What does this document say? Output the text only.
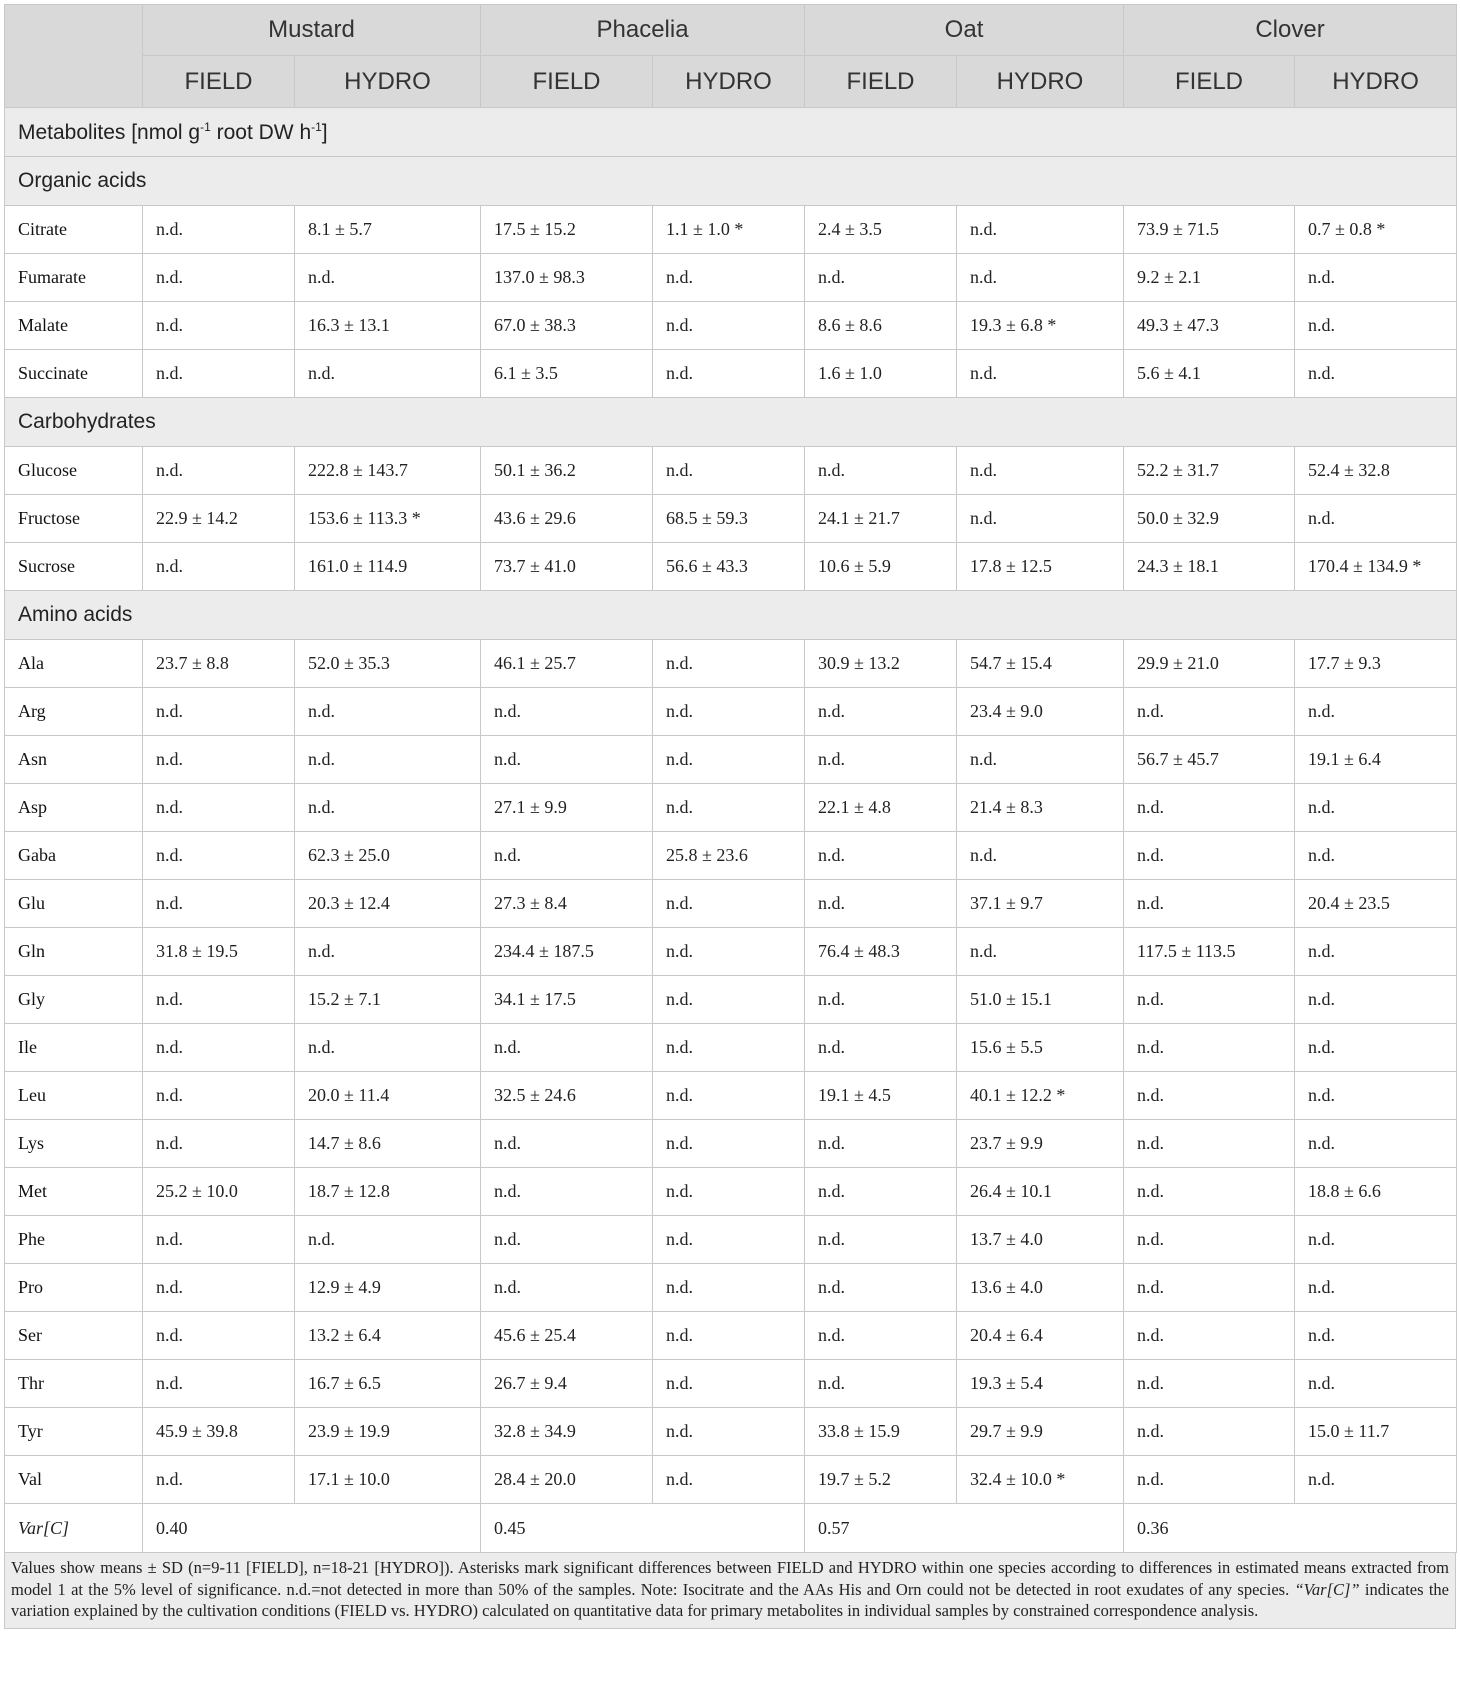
	Mustard		Phacelia		Oat		Clover	
	FIELD	HYDRO	FIELD	HYDRO	FIELD	HYDRO	FIELD	HYDRO
Metabolites [nmol $g^{-1}$ root DW $h^{-1}$]								
Organic acids								
Citrate	n.d.	8.1 ± 5.7	17.5 ± 15.2	1.1 ± 1.0 *	2.4 ± 3.5	n.d.	73.9 ± 71.5	0.7 ± 0.8 *
Fumarate	n.d.	n.d.	137.0 ± 98.3	n.d.	n.d.	n.d.	9.2 ± 2.1	n.d.
Malate	n.d.	16.3 ± 13.1	67.0 ± 38.3	n.d.	8.6 ± 8.6	19.3 ± 6.8 *	49.3 ± 47.3	n.d.
Succinate	n.d.	n.d.	6.1 ± 3.5	n.d.	1.6 ± 1.0	n.d.	5.6 ± 4.1	n.d.
Carbohydrates								
Glucose	n.d.	222.8 ± 143.7	50.1 ± 36.2	n.d.	n.d.	n.d.	52.2 ± 31.7	52.4 ± 32.8
Fructose	22.9 ± 14.2	153.6 ± 113.3 *	43.6 ± 29.6	68.5 ± 59.3	24.1 ± 21.7	n.d.	50.0 ± 32.9	n.d.
Sucrose	n.d.	161.0 ± 114.9	73.7 ± 41.0	56.6 ± 43.3	10.6 ± 5.9	17.8 ± 12.5	24.3 ± 18.1	170.4 ± 134.9 *
Amino acids								
Ala	23.7 ± 8.8	52.0 ± 35.3	46.1 ± 25.7	n.d.	30.9 ± 13.2	54.7 ± 15.4	29.9 ± 21.0	17.7 ± 9.3
Arg	n.d.	n.d.	n.d.	n.d.	n.d.	23.4 ± 9.0	n.d.	n.d.
Asn	n.d.	n.d.	n.d.	n.d.	n.d.	n.d.	56.7 ± 45.7	19.1 ± 6.4
Asp	n.d.	n.d.	27.1 ± 9.9	n.d.	22.1 ± 4.8	21.4 ± 8.3	n.d.	n.d.
Gaba	n.d.	62.3 ± 25.0	n.d.	25.8 ± 23.6	n.d.	n.d.	n.d.	n.d.
Glu	n.d.	20.3 ± 12.4	27.3 ± 8.4	n.d.	n.d.	37.1 ± 9.7	n.d.	20.4 ± 23.5
Gln	31.8 ± 19.5	n.d.	234.4 ± 187.5	n.d.	76.4 ± 48.3	n.d.	117.5 ± 113.5	n.d.
Gly	n.d.	15.2 ± 7.1	34.1 ± 17.5	n.d.	n.d.	51.0 ± 15.1	n.d.	n.d.
Ile	n.d.	n.d.	n.d.	n.d.	n.d.	15.6 ± 5.5	n.d.	n.d.
Leu	n.d.	20.0 ± 11.4	32.5 ± 24.6	n.d.	19.1 ± 4.5	40.1 ± 12.2 *	n.d.	n.d.
Lys	n.d.	14.7 ± 8.6	n.d.	n.d.	n.d.	23.7 ± 9.9	n.d.	n.d.
Met	25.2 ± 10.0	18.7 ± 12.8	n.d.	n.d.	n.d.	26.4 ± 10.1	n.d.	18.8 ± 6.6
Phe	n.d.	n.d.	n.d.	n.d.	n.d.	13.7 ± 4.0	n.d.	n.d.
Pro	n.d.	12.9 ± 4.9	n.d.	n.d.	n.d.	13.6 ± 4.0	n.d.	n.d.
Ser	n.d.	13.2 ± 6.4	45.6 ± 25.4	n.d.	n.d.	20.4 ± 6.4	n.d.	n.d.
Thr	n.d.	16.7 ± 6.5	26.7 ± 9.4	n.d.	n.d.	19.3 ± 5.4	n.d.	n.d.
Tyr	45.9 ± 39.8	23.9 ± 19.9	32.8 ± 34.9	n.d.	33.8 ± 15.9	29.7 ± 9.9	n.d.	15.0 ± 11.7
Val	n.d.	17.1 ± 10.0	28.4 ± 20.0	n.d.	19.7 ± 5.2	32.4 ± 10.0 *	n.d.	n.d.
Var[C]	0.40		0.45		0.57		0.36	
Values show means ± SD (n=9-11 [FIELD], n=18-21 [HYDRO]). Asterisks mark significant differences between FIELD and HYDRO within one species according to differences in estimated means extracted from model 1 at the 5% level of significance. n.d.=not detected in more than 50% of the samples. Note: Isocitrate and the AAs His and Orn could not be detected in root exudates of any species. “Var[C]” indicates the variation explained by the cultivation conditions (FIELD vs. HYDRO) calculated on quantitative data for primary metabolites in individual samples by constrained correspondence analysis.
